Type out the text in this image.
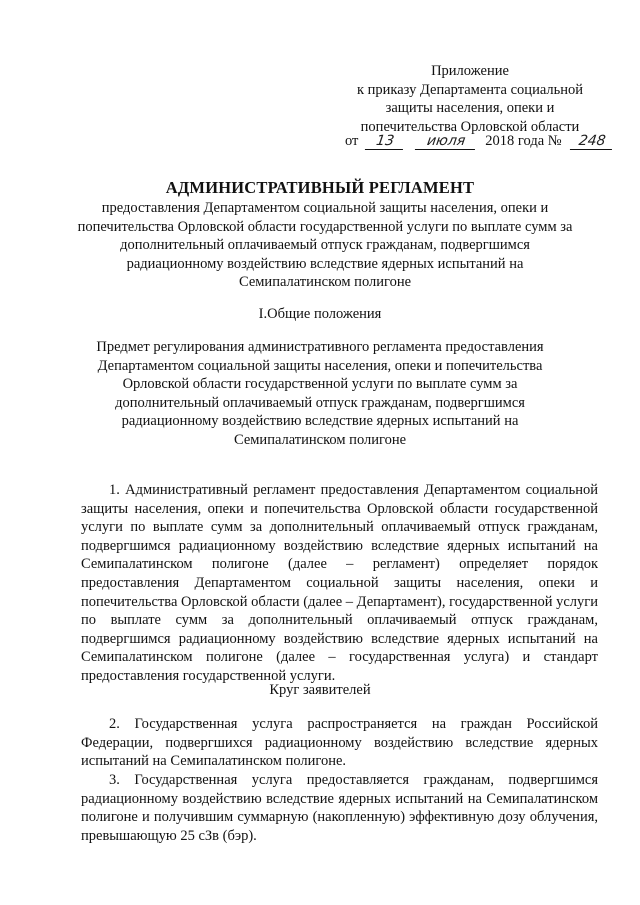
Приложение
к приказу Департамента социальной
защиты населения, опеки и
попечительства Орловской области
от 13 июля 2018 года № 248
АДМИНИСТРАТИВНЫЙ РЕГЛАМЕНТ
предоставления Департаментом социальной защиты населения, опеки и попечительства Орловской области государственной услуги по выплате сумм за дополнительный оплачиваемый отпуск гражданам, подвергшимся радиационному воздействию вследствие ядерных испытаний на Семипалатинском полигоне
I.Общие положения
Предмет регулирования административного регламента предоставления Департаментом социальной защиты населения, опеки и попечительства Орловской области государственной услуги по выплате сумм за дополнительный оплачиваемый отпуск гражданам, подвергшимся радиационному воздействию вследствие ядерных испытаний на Семипалатинском полигоне
1. Административный регламент предоставления Департаментом социальной защиты населения, опеки и попечительства Орловской области государственной услуги по выплате сумм за дополнительный оплачиваемый отпуск гражданам, подвергшимся радиационному воздействию вследствие ядерных испытаний на Семипалатинском полигоне (далее – регламент) определяет порядок предоставления Департаментом социальной защиты населения, опеки и попечительства Орловской области (далее – Департамент), государственной услуги по выплате сумм за дополнительный оплачиваемый отпуск гражданам, подвергшимся радиационному воздействию вследствие ядерных испытаний на Семипалатинском полигоне (далее – государственная услуга) и стандарт предоставления государственной услуги.
Круг заявителей
2. Государственная услуга распространяется на граждан Российской Федерации, подвергшихся радиационному воздействию вследствие ядерных испытаний на Семипалатинском полигоне.
3. Государственная услуга предоставляется гражданам, подвергшимся радиационному воздействию вследствие ядерных испытаний на Семипалатинском полигоне и получившим суммарную (накопленную) эффективную дозу облучения, превышающую 25 сЗв (бэр).
